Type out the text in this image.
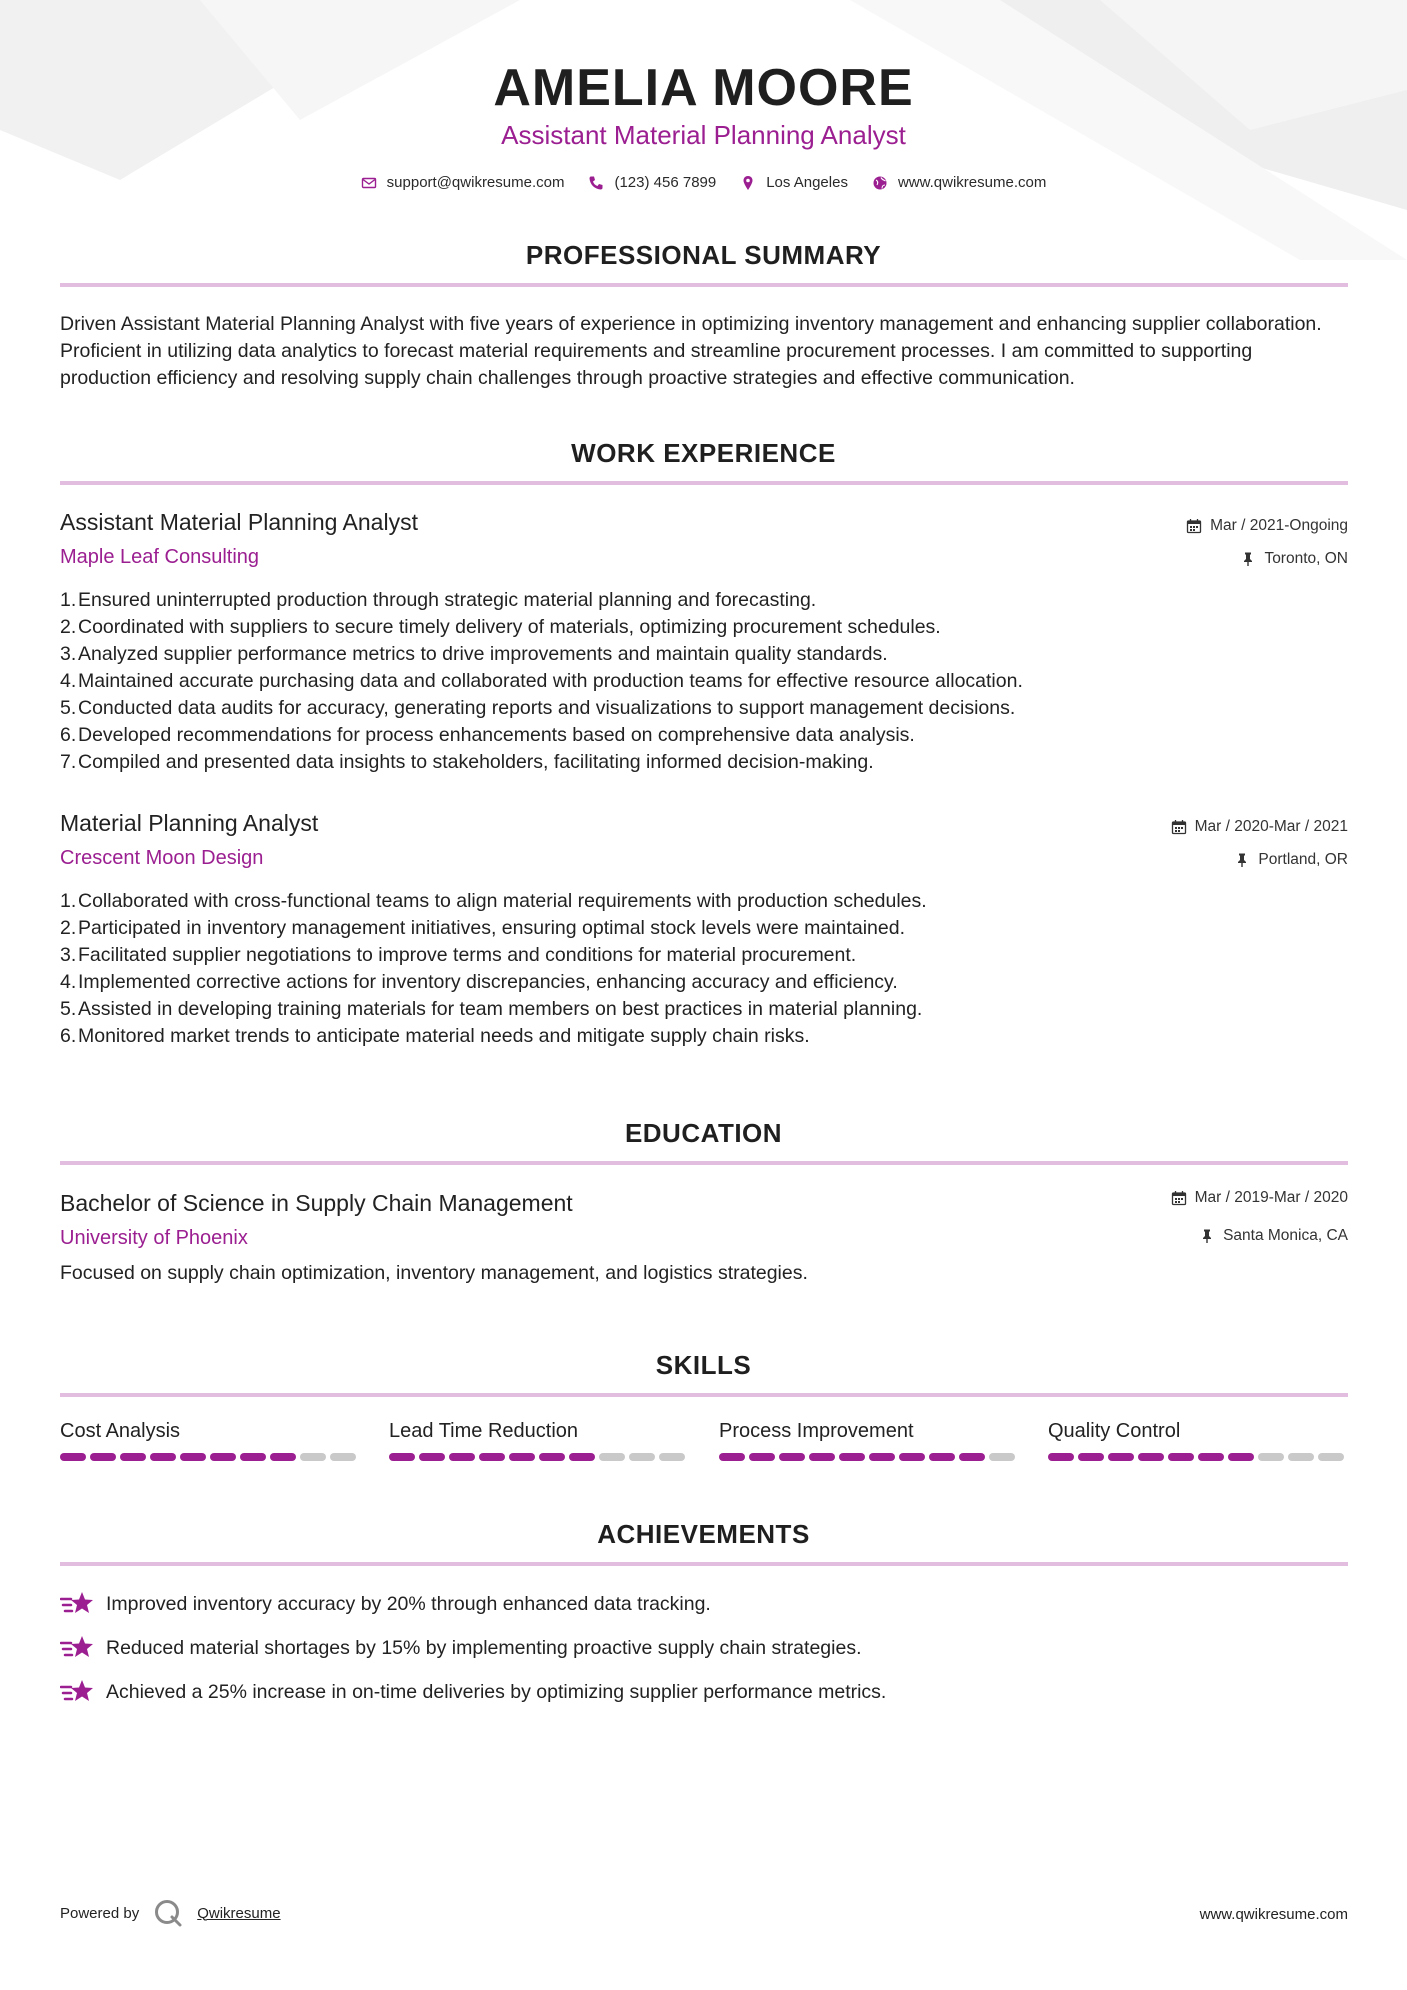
AMELIA MOORE
Assistant Material Planning Analyst
support@qwikresume.com	(123) 456 7899	Los Angeles	www.qwikresume.com
PROFESSIONAL SUMMARY
Driven Assistant Material Planning Analyst with five years of experience in optimizing inventory management and enhancing supplier collaboration. Proficient in utilizing data analytics to forecast material requirements and streamline procurement processes. I am committed to supporting production efficiency and resolving supply chain challenges through proactive strategies and effective communication.
WORK EXPERIENCE
Assistant Material Planning Analyst
Maple Leaf Consulting
Mar / 2021-Ongoing
Toronto, ON
1. Ensured uninterrupted production through strategic material planning and forecasting.
2. Coordinated with suppliers to secure timely delivery of materials, optimizing procurement schedules.
3. Analyzed supplier performance metrics to drive improvements and maintain quality standards.
4. Maintained accurate purchasing data and collaborated with production teams for effective resource allocation.
5. Conducted data audits for accuracy, generating reports and visualizations to support management decisions.
6. Developed recommendations for process enhancements based on comprehensive data analysis.
7. Compiled and presented data insights to stakeholders, facilitating informed decision-making.
Material Planning Analyst
Crescent Moon Design
Mar / 2020-Mar / 2021
Portland, OR
1. Collaborated with cross-functional teams to align material requirements with production schedules.
2. Participated in inventory management initiatives, ensuring optimal stock levels were maintained.
3. Facilitated supplier negotiations to improve terms and conditions for material procurement.
4. Implemented corrective actions for inventory discrepancies, enhancing accuracy and efficiency.
5. Assisted in developing training materials for team members on best practices in material planning.
6. Monitored market trends to anticipate material needs and mitigate supply chain risks.
EDUCATION
Bachelor of Science in Supply Chain Management
University of Phoenix
Mar / 2019-Mar / 2020
Santa Monica, CA
Focused on supply chain optimization, inventory management, and logistics strategies.
SKILLS
Cost Analysis	Lead Time Reduction	Process Improvement	Quality Control
ACHIEVEMENTS
Improved inventory accuracy by 20% through enhanced data tracking.
Reduced material shortages by 15% by implementing proactive supply chain strategies.
Achieved a 25% increase in on-time deliveries by optimizing supplier performance metrics.
Powered by	Qwikresume	www.qwikresume.com
